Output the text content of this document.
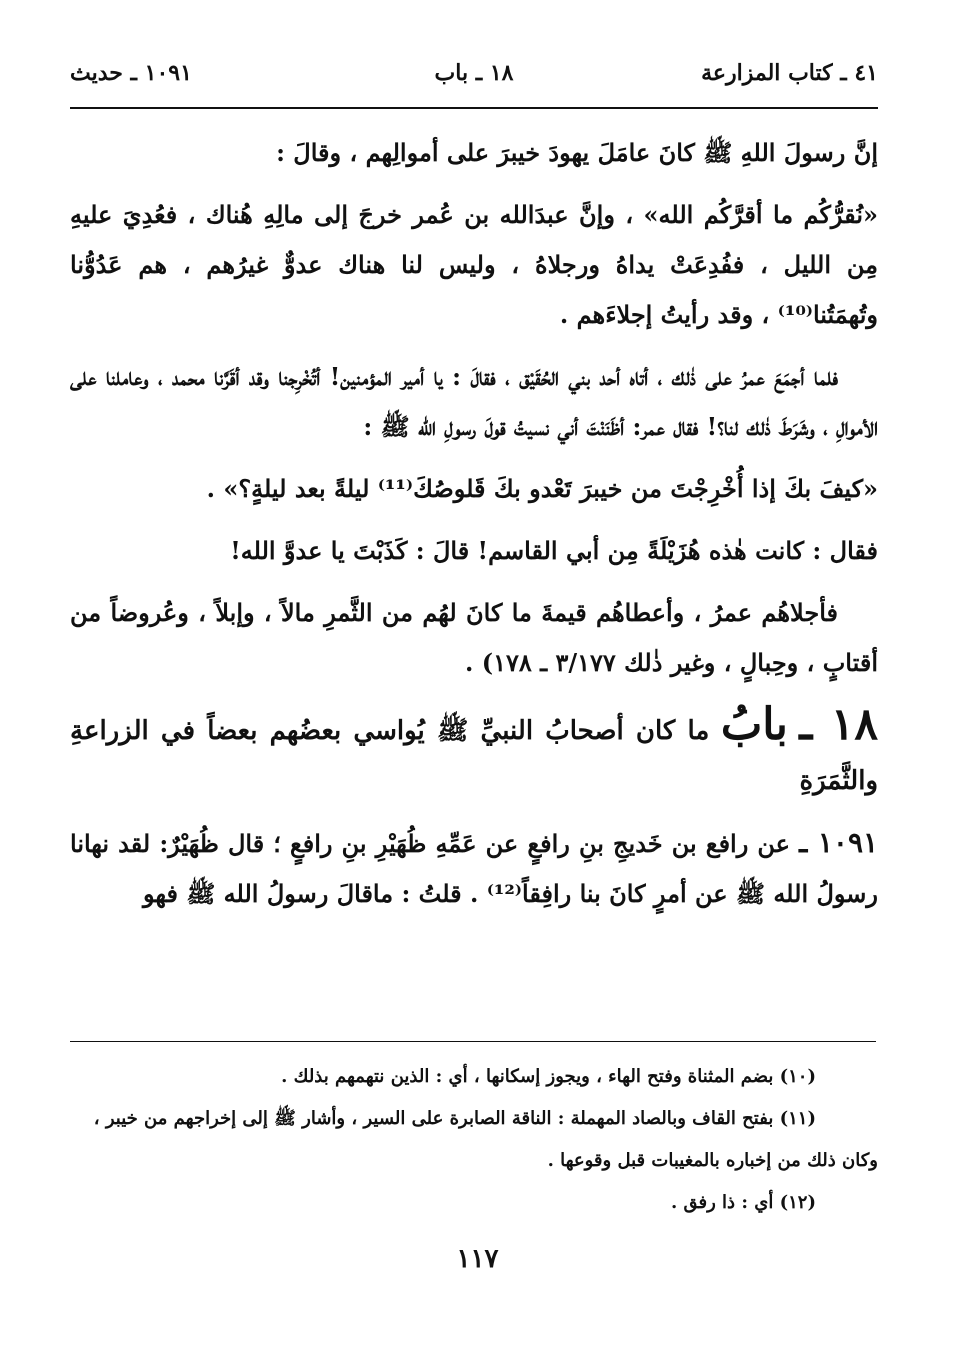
٤١ ـ كتاب المزارعة
١٨ ـ باب
١٠٩١ ـ حديث

إنَّ رسولَ اللهِ ﷺ كانَ عامَلَ يهودَ خيبرَ على أموالِهم ، وقالَ :

«نُقرُّكُم ما أقرَّكُم الله» ، وإنَّ عبدَالله بن عُمر خرجَ إلى مالِهِ هُناك ، فعُدِيَ عليهِ مِن الليل ، ففُدِعَتْ يداهُ ورجلاهُ ، وليس لنا هناك عدوٌّ غيرُهم ، هم عَدُوُّنا وتُهمَتُنا⁽¹⁰⁾ ، وقد رأيتُ إجلاءَهم .

فلما أجمَعَ عمرُ على ذٰلك ، أتاه أحد بني الحُقَيْق ، فقالَ : يا أمير المؤمنين! أتُخْرِجنا وقد أقَرَّنا محمد ، وعاملنا على الأموالِ ، وشَرَطَ ذٰلك لنا؟! فقال عمر: أظَنَنْتَ أني نسيتُ قولَ رسولِ الله ﷺ :

«كيفَ بكَ إذا أُخْرِجْتَ من خيبرَ تَعْدو بكَ قَلوصُكَ⁽¹¹⁾ ليلةً بعد ليلةٍ؟» .

فقال : كانت هٰذه هُزَيْلَةً مِن أبي القاسم! قالَ : كَذَبْتَ يا عدوَّ الله!

فأجلاهُم عمرُ ، وأعطاهُم قيمةَ ما كانَ لهُم من الثَّمرِ مالاً ، وإبلاً ، وعُروضاً من أقتابٍ ، وحِبالٍ ، وغير ذٰلك ٣/١٧٧ ـ ١٧٨) .

١٨ ـ بابُ ما كان أصحابُ النبيِّ ﷺ يُواسي بعضُهم بعضاً في الزراعةِ والثَّمَرَةِ

١٠٩١ ـ عن رافع بن خَديجِ بنِ رافعٍ عن عَمِّهِ ظُهَيْرِ بنِ رافعٍ ؛ قال ظُهَيْرٌ: لقد نهانا رسولُ الله ﷺ عن أمرٍ كانَ بنا رافِقاً⁽¹²⁾ . قلتُ : ماقالَ رسولُ الله ﷺ فهو

(١٠) بضم المثناة وفتح الهاء ، ويجوز إسكانها ، أي : الذين نتهمهم بذلك .

(١١) بفتح القاف وبالصاد المهملة : الناقة الصابرة على السير ، وأشار ﷺ إلى إخراجهم من خيبر ، وكان ذلك من إخباره بالمغيبات قبل وقوعها .

(١٢) أي : ذا رفق .

١١٧
